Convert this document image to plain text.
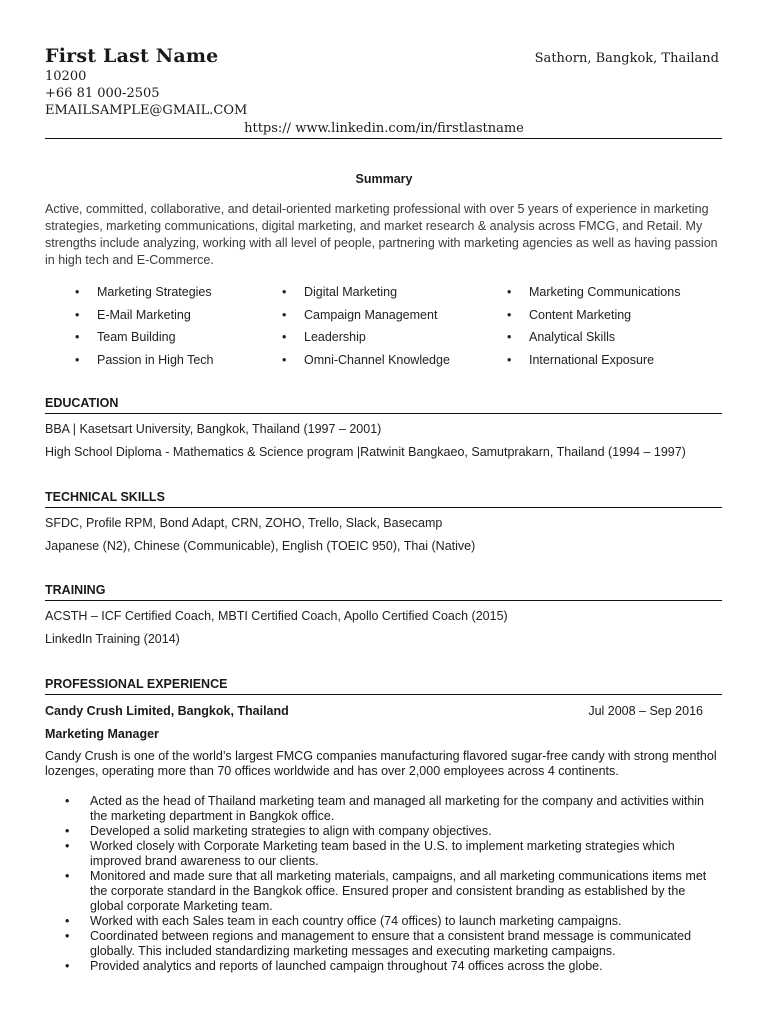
First Last Name	Sathorn, Bangkok, Thailand
10200
+66 81 000-2505
EMAILSAMPLE@GMAIL.COM
https:// www.linkedin.com/in/firstlastname
Summary
Active, committed, collaborative, and detail-oriented marketing professional with over 5 years of experience in marketing strategies, marketing communications, digital marketing, and market research & analysis across FMCG, and Retail. My strengths include analyzing, working with all level of people, partnering with marketing agencies as well as having passion in high tech and E-Commerce.
• Marketing Strategies
• E-Mail Marketing
• Team Building
• Passion in High Tech
• Digital Marketing
• Campaign Management
• Leadership
• Omni-Channel Knowledge
• Marketing Communications
• Content Marketing
• Analytical Skills
• International Exposure
EDUCATION
BBA | Kasetsart University, Bangkok, Thailand (1997 – 2001)
High School Diploma - Mathematics & Science program |Ratwinit Bangkaeo, Samutprakarn, Thailand (1994 – 1997)
TECHNICAL SKILLS
SFDC, Profile RPM, Bond Adapt, CRN, ZOHO, Trello, Slack, Basecamp
Japanese (N2), Chinese (Communicable), English (TOEIC 950), Thai (Native)
TRAINING
ACSTH – ICF Certified Coach, MBTI Certified Coach, Apollo Certified Coach (2015)
LinkedIn Training (2014)
PROFESSIONAL EXPERIENCE
Candy Crush Limited, Bangkok, Thailand	Jul 2008 – Sep 2016
Marketing Manager
Candy Crush is one of the world’s largest FMCG companies manufacturing flavored sugar-free candy with strong menthol lozenges, operating more than 70 offices worldwide and has over 2,000 employees across 4 continents.
• Acted as the head of Thailand marketing team and managed all marketing for the company and activities within the marketing department in Bangkok office.
• Developed a solid marketing strategies to align with company objectives.
• Worked closely with Corporate Marketing team based in the U.S. to implement marketing strategies which improved brand awareness to our clients.
• Monitored and made sure that all marketing materials, campaigns, and all marketing communications items met the corporate standard in the Bangkok office. Ensured proper and consistent branding as established by the global corporate Marketing team.
• Worked with each Sales team in each country office (74 offices) to launch marketing campaigns.
• Coordinated between regions and management to ensure that a consistent brand message is communicated globally. This included standardizing marketing messages and executing marketing campaigns.
• Provided analytics and reports of launched campaign throughout 74 offices across the globe.
